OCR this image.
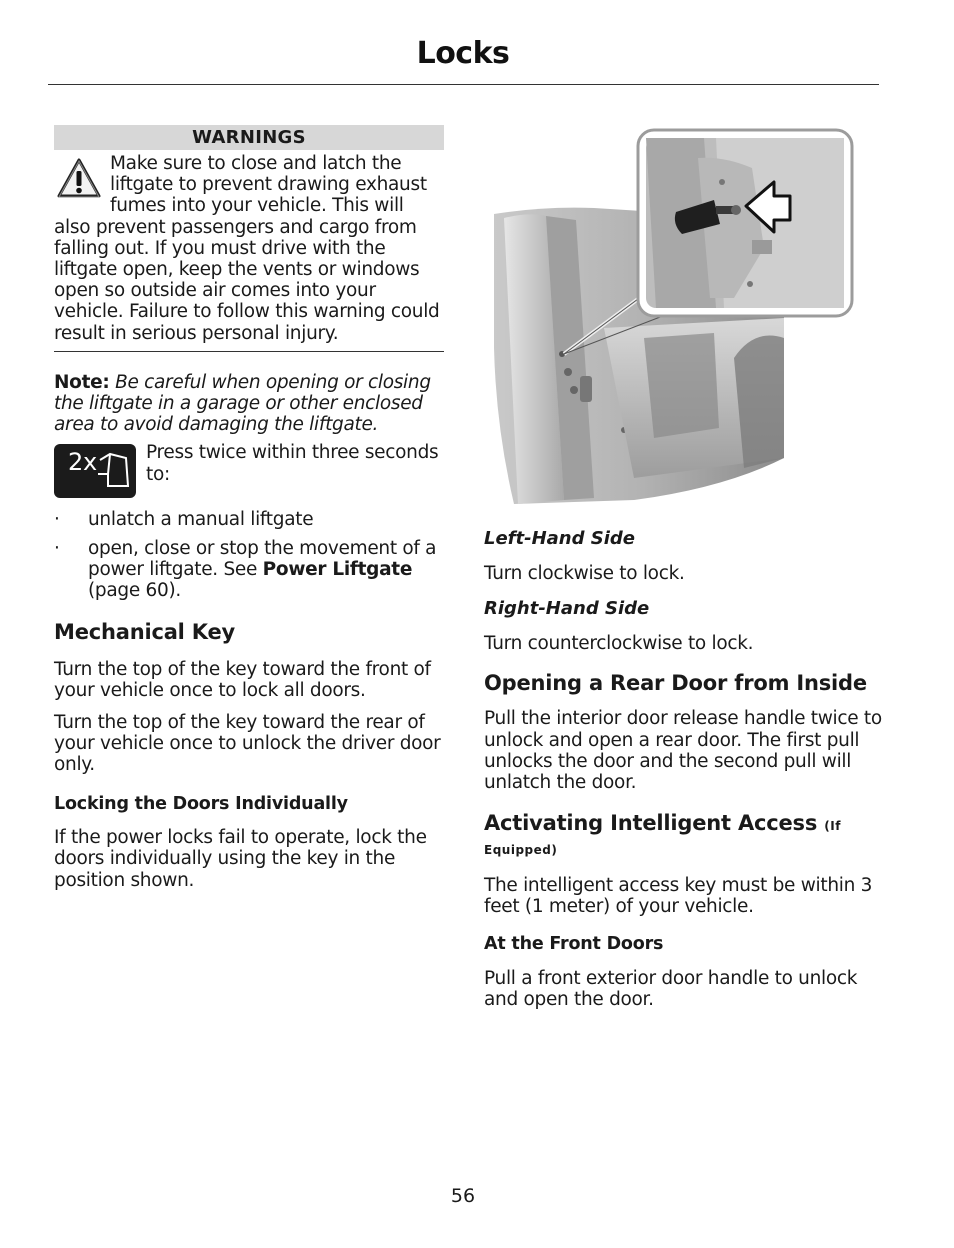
Locks
WARNINGS
Make sure to close and latch the liftgate to prevent drawing exhaust fumes into your vehicle. This will also prevent passengers and cargo from falling out. If you must drive with the liftgate open, keep the vents or windows open so outside air comes into your vehicle. Failure to follow this warning could result in serious personal injury.

Note: Be careful when opening or closing the liftgate in a garage or other enclosed area to avoid damaging the liftgate.

2x	Press twice within three seconds to:
· unlatch a manual liftgate
· open, close or stop the movement of a power liftgate. See Power Liftgate (page 60).
Mechanical Key

Turn the top of the key toward the front of your vehicle once to lock all doors.

Turn the top of the key toward the rear of your vehicle once to unlock the driver door only.

Locking the Doors Individually

If the power locks fail to operate, lock the doors individually using the key in the position shown.

Left-Hand Side

Turn clockwise to lock.

Right-Hand Side

Turn counterclockwise to lock.

Opening a Rear Door from Inside

Pull the interior door release handle twice to unlock and open a rear door. The first pull unlocks the door and the second pull will unlatch the door.

Activating Intelligent Access (If
Equipped)

The intelligent access key must be within 3 feet (1 meter) of your vehicle.

At the Front Doors

Pull a front exterior door handle to unlock and open the door.

56
